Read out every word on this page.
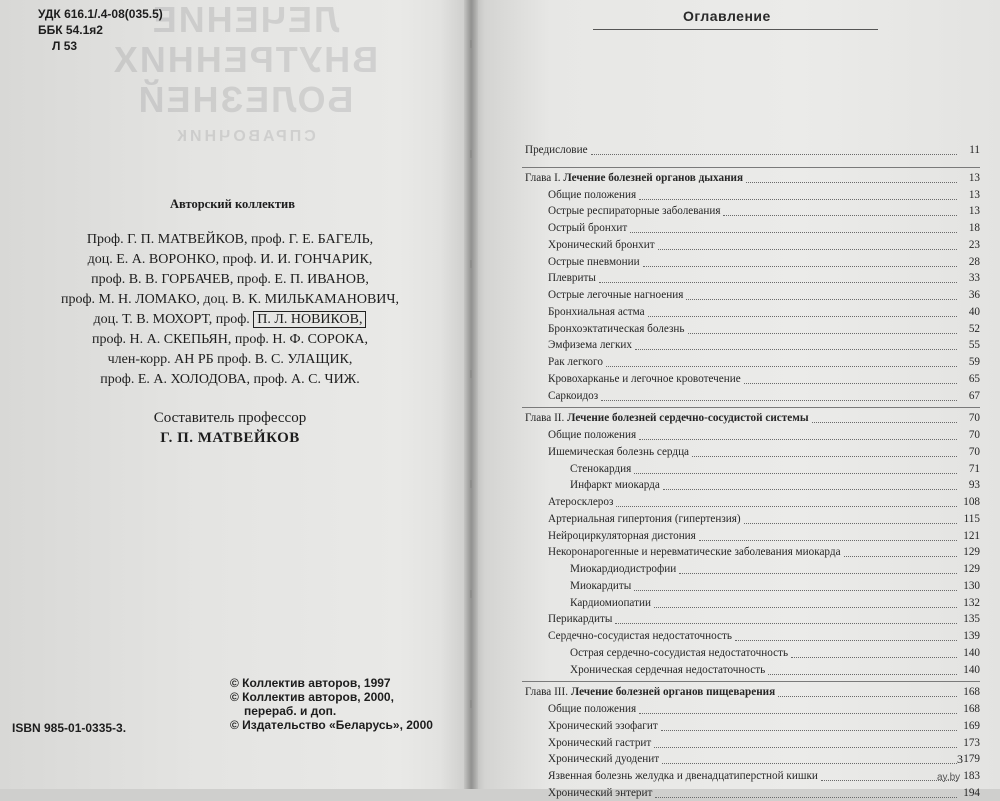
ЛЕЧЕНИЕ
ВНУТРЕННИХ
БОЛЕЗНЕЙ
СПРАВОЧНИК
УДК 616.1/.4-08(035.5)
ББК 54.1я2
Л 53
Авторский коллектив
Проф. Г. П. МАТВЕЙКОВ, проф. Г. Е. БАГЕЛЬ,
доц. Е. А. ВОРОНКО, проф. И. И. ГОНЧАРИК,
проф. В. В. ГОРБАЧЕВ, проф. Е. П. ИВАНОВ,
проф. М. Н. ЛОМАКО, доц. В. К. МИЛЬКАМАНОВИЧ,
доц. Т. В. МОХОРТ, проф. П. Л. НОВИКОВ,
проф. Н. А. СКЕПЬЯН, проф. Н. Ф. СОРОКА,
член-корр. АН РБ проф. В. С. УЛАЩИК,
проф. Е. А. ХОЛОДОВА, проф. А. С. ЧИЖ.
Составитель профессор
Г. П. МАТВЕЙКОВ
© Коллектив авторов, 1997
© Коллектив авторов, 2000,
перераб. и доп.
© Издательство «Беларусь», 2000
ISBN 985-01-0335-3.
Оглавление
Предисловие	11
Глава I. Лечение болезней органов дыхания	13
Общие положения	13
Острые респираторные заболевания	13
Острый бронхит	18
Хронический бронхит	23
Острые пневмонии	28
Плевриты	33
Острые легочные нагноения	36
Бронхиальная астма	40
Бронхоэктатическая болезнь	52
Эмфизема легких	55
Рак легкого	59
Кровохарканье и легочное кровотечение	65
Саркоидоз	67
Глава II. Лечение болезней сердечно-сосудистой системы	70
Общие положения	70
Ишемическая болезнь сердца	70
Стенокардия	71
Инфаркт миокарда	93
Атеросклероз	108
Артериальная гипертония (гипертензия)	115
Нейроциркуляторная дистония	121
Некоронарогенные и неревматические заболевания миокарда	129
Миокардиодистрофии	129
Миокардиты	130
Кардиомиопатии	132
Перикардиты	135
Сердечно-сосудистая недостаточность	139
Острая сердечно-сосудистая недостаточность	140
Хроническая сердечная недостаточность	140
Глава III. Лечение болезней органов пищеварения	168
Общие положения	168
Хронический эзофагит	169
Хронический гастрит	173
Хронический дуоденит	179
Язвенная болезнь желудка и двенадцатиперстной кишки	183
Хронический энтерит	194
3
ay.by
